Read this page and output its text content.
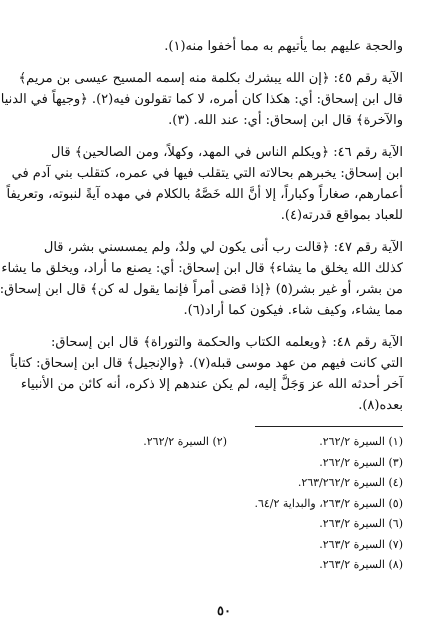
والحجة عليهم بما يأتيهم به مما أخفوا منه(١).
الآية رقم ٤٥: ﴿إن الله يبشرك بكلمة منه إسمه المسيح عيسى بن مريم﴾
قال ابن إسحاق: أي: هكذا كان أمره، لا كما تقولون فيه(٢). ﴿وجيهاً في الدنيا
والآخرة﴾ قال ابن إسحاق: أي: عند الله. (٣).
الآية رقم ٤٦: ﴿ويكلم الناس في المهد، وكهلاً، ومن الصالحين﴾ قال
ابن إسحاق: يخبرهم بحالاته التي يتقلب فيها في عمره، كتقلب بني آدم في
أعمارهم، صغاراً وكباراً، إلا أنَّ الله خَصَّهُ بالكلام في مهده آيةً لنبوته، وتعريفاً
للعباد بمواقع قدرته(٤).
الآية رقم ٤٧: ﴿قالت رب أنى يكون لي ولدٌ، ولم يمسسني بشر، قال
كذلك الله يخلق ما يشاء﴾ قال ابن إسحاق: أي: يصنع ما أراد، ويخلق ما يشاء
من بشر، أو غير بشر(٥) ﴿إذا قضى أمراً فإنما يقول له كن﴾ قال ابن إسحاق:
مما يشاء، وكيف شاء. فيكون كما أراد(٦).
الآية رقم ٤٨: ﴿ويعلمه الكتاب والحكمة والتوراة﴾ قال ابن إسحاق:
التي كانت فيهم من عهد موسى قبله(٧). ﴿والإنجيل﴾ قال ابن إسحاق: كتاباً
آخر أحدثه الله عز وَجَلَّ إليه، لم يكن عندهم إلا ذكره، أنه كائن من الأنبياء
بعده(٨).
(١) السيرة ٢٦٢/٢.
(٢) السيرة ٢٦٢/٢.
(٣) السيرة ٢٦٢/٢.
(٤) السيرة ٢٦٣/٢٦٢/٢.
(٥) السيرة ٢٦٣/٢، والبداية ٦٤/٢.
(٦) السيرة ٢٦٣/٢.
(٧) السيرة ٢٦٣/٢.
(٨) السيرة ٢٦٣/٢.
٥٠
